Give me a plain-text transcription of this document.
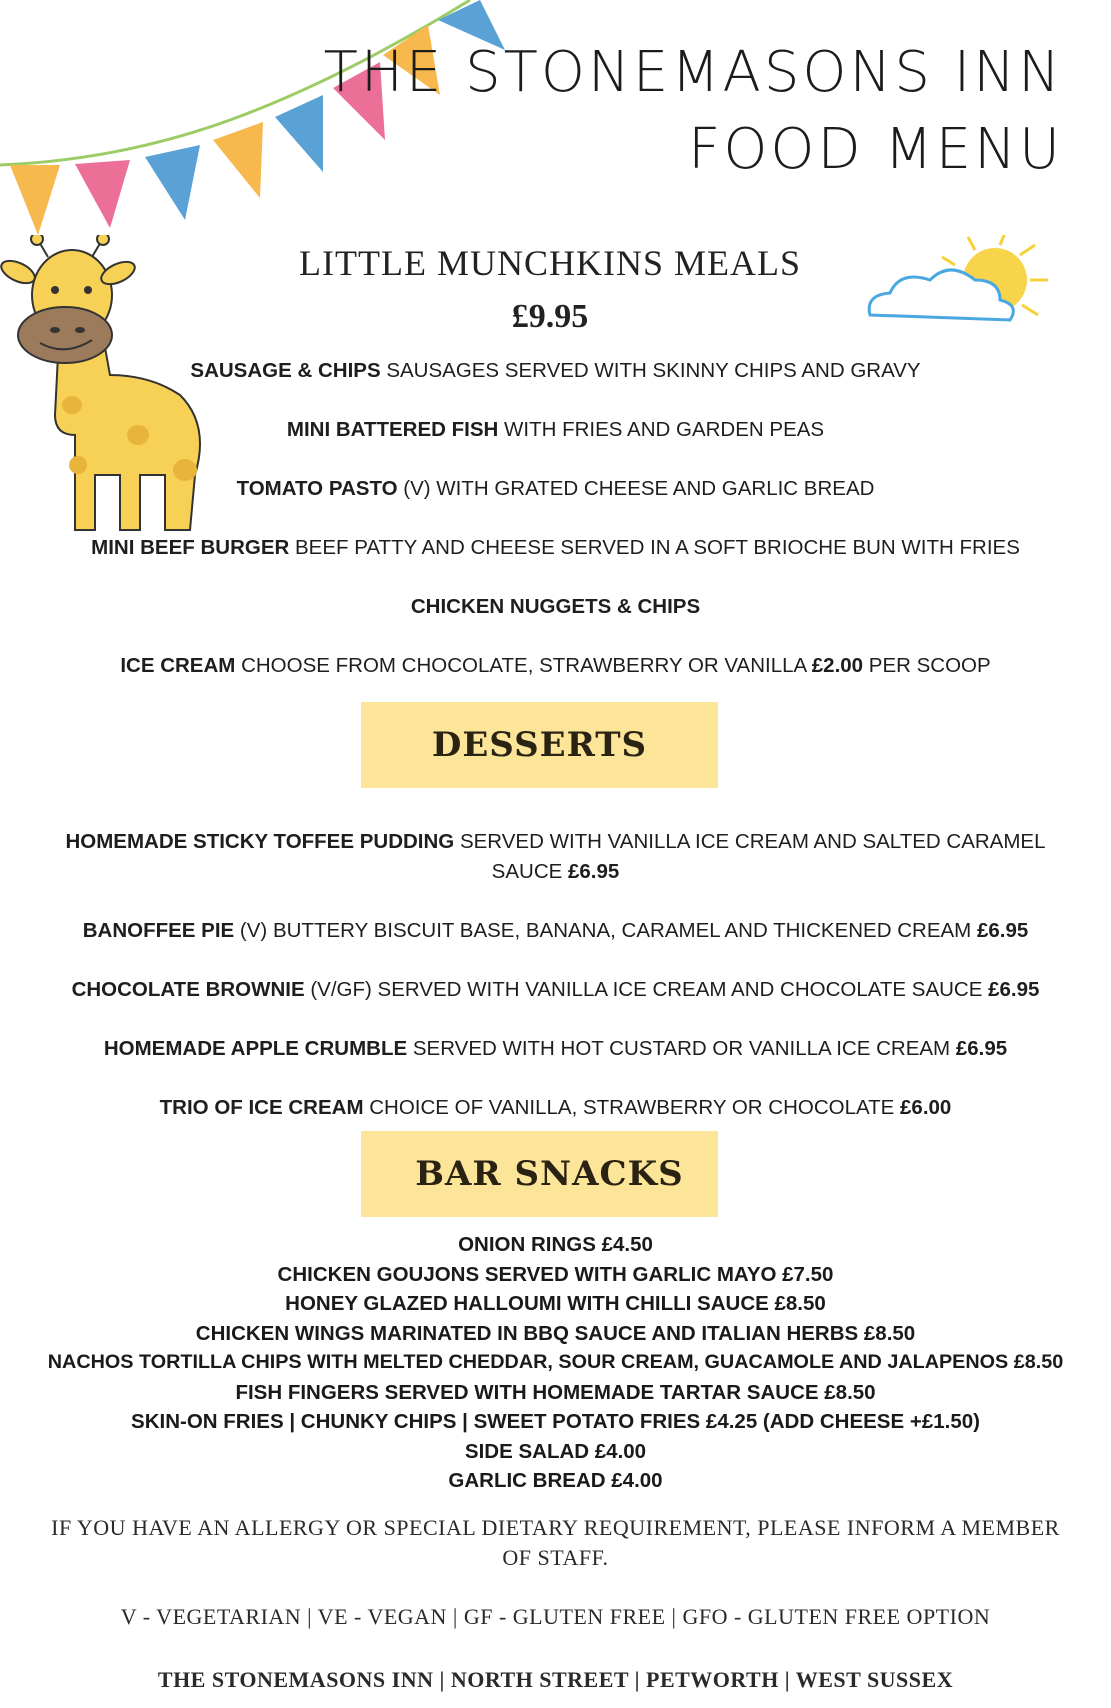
THE STONEMASONS INN
FOOD MENU
LITTLE MUNCHKINS MEALS
£9.95
SAUSAGE & CHIPS SAUSAGES SERVED WITH SKINNY CHIPS AND GRAVY
MINI BATTERED FISH WITH FRIES AND GARDEN PEAS
TOMATO PASTO (V) WITH GRATED CHEESE AND GARLIC BREAD
MINI BEEF BURGER BEEF PATTY AND CHEESE SERVED IN A SOFT BRIOCHE BUN WITH FRIES
CHICKEN NUGGETS & CHIPS
ICE CREAM CHOOSE FROM CHOCOLATE, STRAWBERRY OR VANILLA £2.00 PER SCOOP
DESSERTS
HOMEMADE STICKY TOFFEE PUDDING SERVED WITH VANILLA ICE CREAM AND SALTED CARAMEL SAUCE £6.95
BANOFFEE PIE (V) BUTTERY BISCUIT BASE, BANANA, CARAMEL AND THICKENED CREAM £6.95
CHOCOLATE BROWNIE (V/GF) SERVED WITH VANILLA ICE CREAM AND CHOCOLATE SAUCE £6.95
HOMEMADE APPLE CRUMBLE SERVED WITH HOT CUSTARD OR VANILLA ICE CREAM £6.95
TRIO OF ICE CREAM CHOICE OF VANILLA, STRAWBERRY OR CHOCOLATE £6.00
BAR SNACKS
ONION RINGS £4.50
CHICKEN GOUJONS SERVED WITH GARLIC MAYO £7.50
HONEY GLAZED HALLOUMI WITH CHILLI SAUCE £8.50
CHICKEN WINGS MARINATED IN BBQ SAUCE AND ITALIAN HERBS £8.50
NACHOS TORTILLA CHIPS WITH MELTED CHEDDAR, SOUR CREAM, GUACAMOLE AND JALAPENOS £8.50
FISH FINGERS SERVED WITH HOMEMADE TARTAR SAUCE £8.50
SKIN-ON FRIES | CHUNKY CHIPS | SWEET POTATO FRIES £4.25 (ADD CHEESE +£1.50)
SIDE SALAD £4.00
GARLIC BREAD £4.00
IF YOU HAVE AN ALLERGY OR SPECIAL DIETARY REQUIREMENT, PLEASE INFORM A MEMBER
OF STAFF.
V - VEGETARIAN | VE - VEGAN | GF - GLUTEN FREE | GFO - GLUTEN FREE OPTION
THE STONEMASONS INN | NORTH STREET | PETWORTH | WEST SUSSEX
